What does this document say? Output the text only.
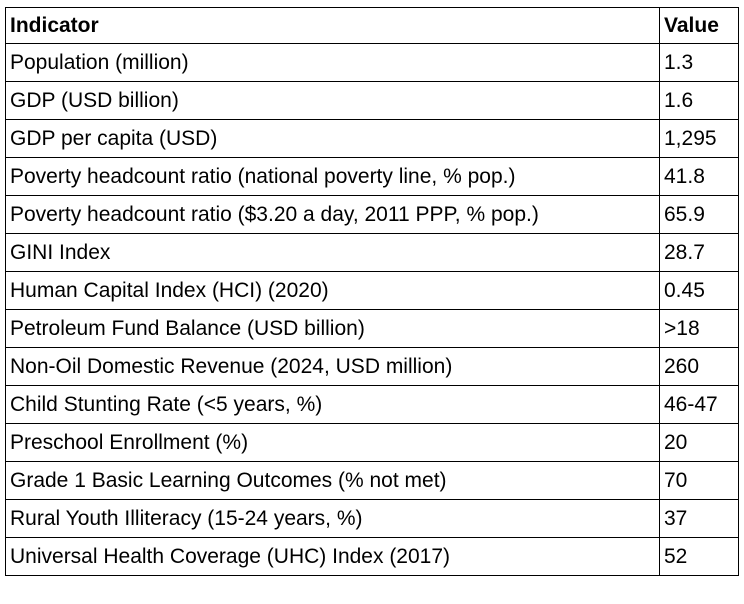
Indicator	Value
Population (million)	1.3
GDP (USD billion)	1.6
GDP per capita (USD)	1,295
Poverty headcount ratio (national poverty line, % pop.)	41.8
Poverty headcount ratio ($3.20 a day, 2011 PPP, % pop.)	65.9
GINI Index	28.7
Human Capital Index (HCI) (2020)	0.45
Petroleum Fund Balance (USD billion)	>18
Non-Oil Domestic Revenue (2024, USD million)	260
Child Stunting Rate (<5 years, %)	46-47
Preschool Enrollment (%)	20
Grade 1 Basic Learning Outcomes (% not met)	70
Rural Youth Illiteracy (15-24 years, %)	37
Universal Health Coverage (UHC) Index (2017)	52
